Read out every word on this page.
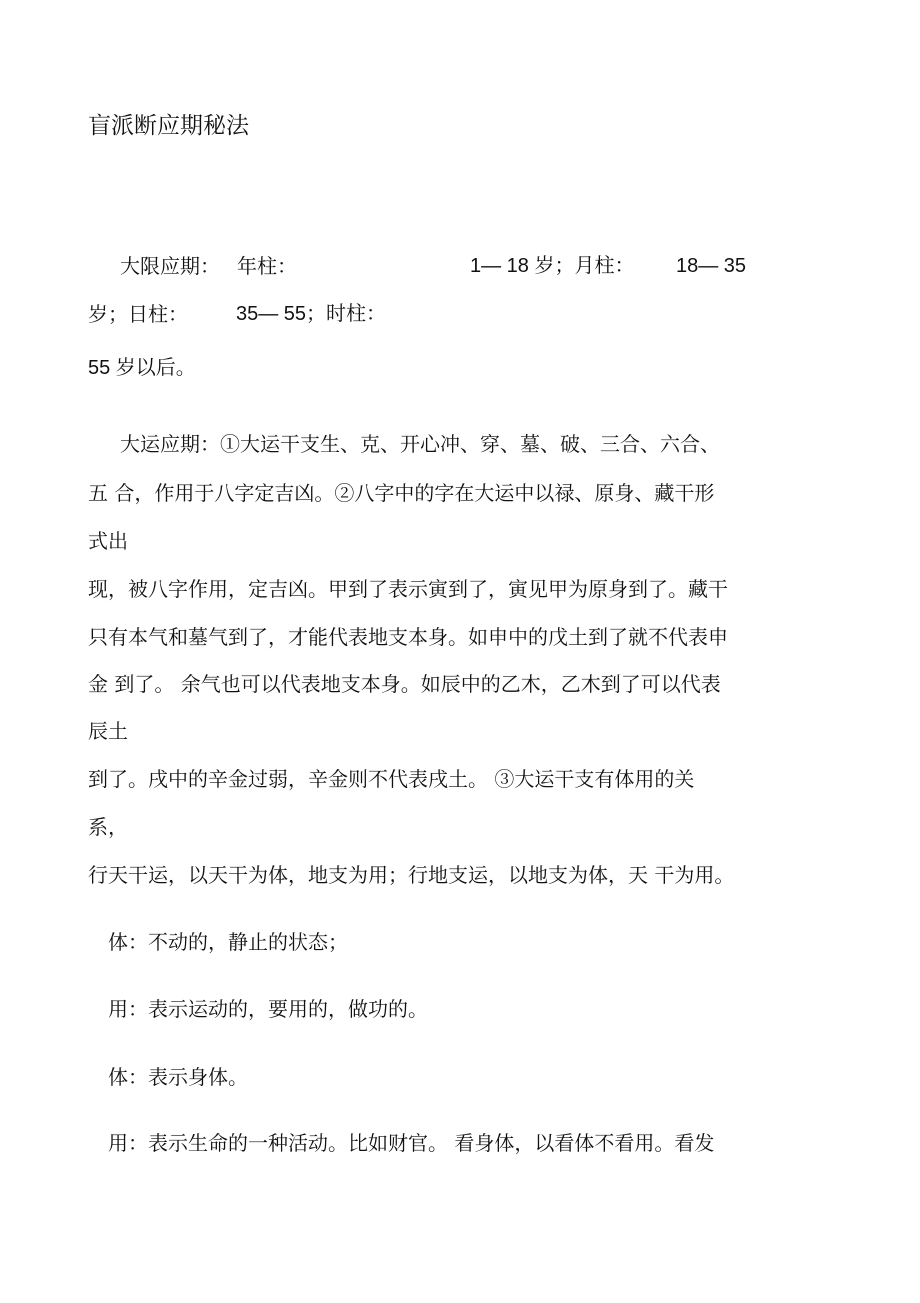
盲派断应期秘法
大限应期： 年柱：	1— 18 岁；月柱： 18— 35
岁；日柱： 35— 55；时柱：
55 岁以后。
大运应期：①大运干支生、克、开心冲、穿、墓、破、三合、六合、
五 合，作用于八字定吉凶。②八字中的字在大运中以禄、原身、藏干形
式出
现，被八字作用，定吉凶。甲到了表示寅到了，寅见甲为原身到了。藏干
只有本气和墓气到了，才能代表地支本身。如申中的戊土到了就不代表申
金 到了。 余气也可以代表地支本身。如辰中的乙木，乙木到了可以代表
辰土
到了。戌中的辛金过弱，辛金则不代表戌土。 ③大运干支有体用的关
系，
行天干运，以天干为体，地支为用；行地支运，以地支为体，天 干为用。
体：不动的，静止的状态；
用：表示运动的，要用的，做功的。
体：表示身体。
用：表示生命的一种活动。比如财官。 看身体，以看体不看用。看发
